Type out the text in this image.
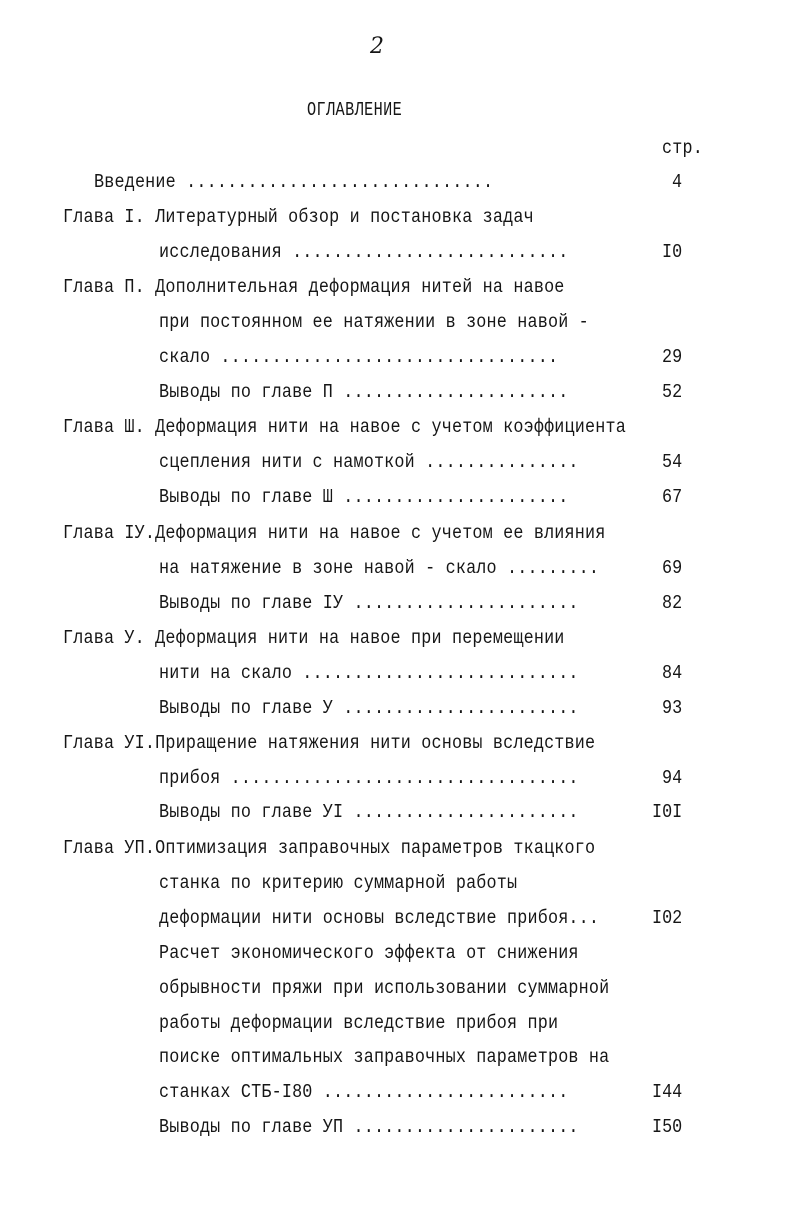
2
ОГЛАВЛЕНИЕ
стр.
Введение ..............................	4
Глава I. Литературный обзор и постановка задач
исследования ...........................	I0
Глава П. Дополнительная деформация нитей на навое
при постоянном ее натяжении в зоне навой -
скало .................................	29
Выводы по главе П ......................	52
Глава Ш. Деформация нити на навое с учетом коэффициента
сцепления нити с намоткой ...............	54
Выводы по главе Ш ......................	67
Глава IУ.Деформация нити на навое с учетом ее влияния
на натяжение в зоне навой - скало .........	69
Выводы по главе IУ ......................	82
Глава У. Деформация нити на навое при перемещении
нити на скало ...........................	84
Выводы по главе У .......................	93
Глава УI.Приращение натяжения нити основы вследствие
прибоя ..................................	94
Выводы по главе УI ......................	I0I
Глава УП.Оптимизация заправочных параметров ткацкого
станка по критерию суммарной работы
деформации нити основы вследствие прибоя...	I02
Расчет экономического эффекта от снижения
обрывности пряжи при использовании суммарной
работы деформации вследствие прибоя при
поиске оптимальных заправочных параметров на
станках СТБ-I80 ........................	I44
Выводы по главе УП ......................	I50
